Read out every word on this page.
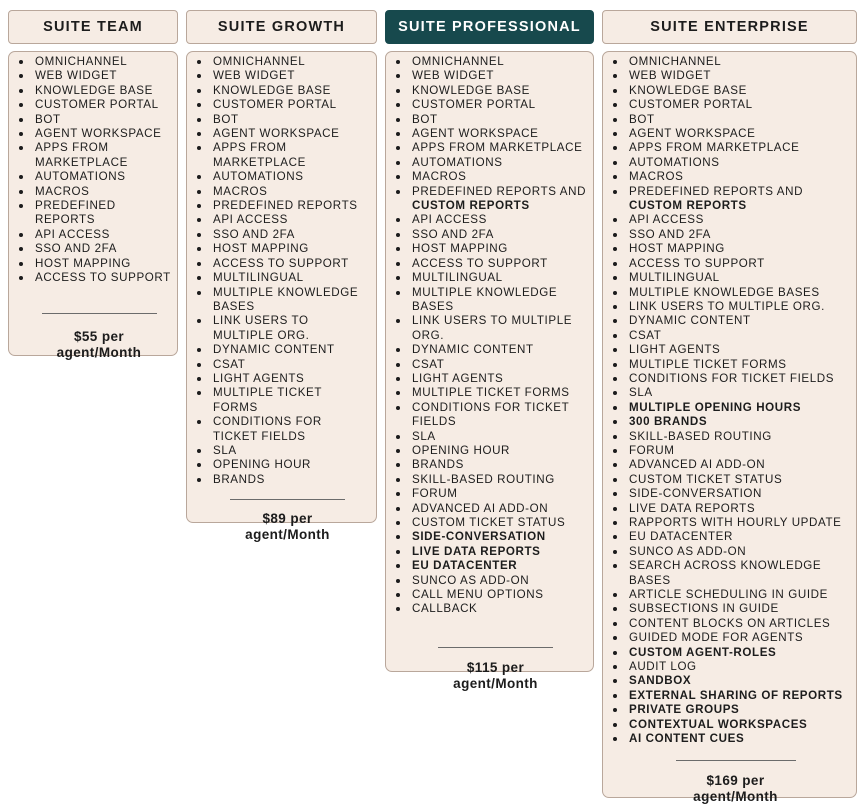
SUITE TEAM
OMNICHANNEL
WEB WIDGET
KNOWLEDGE BASE
CUSTOMER PORTAL
BOT
AGENT WORKSPACE
APPS FROM MARKETPLACE
AUTOMATIONS
MACROS
PREDEFINED REPORTS
API ACCESS
SSO AND 2FA
HOST MAPPING
ACCESS TO SUPPORT
$55 per
agent/Month
SUITE GROWTH
OMNICHANNEL
WEB WIDGET
KNOWLEDGE BASE
CUSTOMER PORTAL
BOT
AGENT WORKSPACE
APPS FROM MARKETPLACE
AUTOMATIONS
MACROS
PREDEFINED REPORTS
API ACCESS
SSO AND 2FA
HOST MAPPING
ACCESS TO SUPPORT
MULTILINGUAL
MULTIPLE KNOWLEDGE BASES
LINK USERS TO MULTIPLE ORG.
DYNAMIC CONTENT
CSAT
LIGHT AGENTS
MULTIPLE TICKET FORMS
CONDITIONS FOR TICKET FIELDS
SLA
OPENING HOUR
BRANDS
$89 per
agent/Month
SUITE PROFESSIONAL
OMNICHANNEL
WEB WIDGET
KNOWLEDGE BASE
CUSTOMER PORTAL
BOT
AGENT WORKSPACE
APPS FROM MARKETPLACE
AUTOMATIONS
MACROS
PREDEFINED REPORTS AND CUSTOM REPORTS
API ACCESS
SSO AND 2FA
HOST MAPPING
ACCESS TO SUPPORT
MULTILINGUAL
MULTIPLE KNOWLEDGE BASES
LINK USERS TO MULTIPLE ORG.
DYNAMIC CONTENT
CSAT
LIGHT AGENTS
MULTIPLE TICKET FORMS
CONDITIONS FOR TICKET FIELDS
SLA
OPENING HOUR
BRANDS
SKILL-BASED ROUTING
FORUM
ADVANCED AI ADD-ON
CUSTOM TICKET STATUS
SIDE-CONVERSATION
LIVE DATA REPORTS
EU DATACENTER
SUNCO AS ADD-ON
CALL MENU OPTIONS
CALLBACK
$115 per
agent/Month
SUITE ENTERPRISE
OMNICHANNEL
WEB WIDGET
KNOWLEDGE BASE
CUSTOMER PORTAL
BOT
AGENT WORKSPACE
APPS FROM MARKETPLACE
AUTOMATIONS
MACROS
PREDEFINED REPORTS AND CUSTOM REPORTS
API ACCESS
SSO AND 2FA
HOST MAPPING
ACCESS TO SUPPORT
MULTILINGUAL
MULTIPLE KNOWLEDGE BASES
LINK USERS TO MULTIPLE ORG.
DYNAMIC CONTENT
CSAT
LIGHT AGENTS
MULTIPLE TICKET FORMS
CONDITIONS FOR TICKET FIELDS
SLA
MULTIPLE OPENING HOURS
300 BRANDS
SKILL-BASED ROUTING
FORUM
ADVANCED AI ADD-ON
CUSTOM TICKET STATUS
SIDE-CONVERSATION
LIVE DATA REPORTS
RAPPORTS WITH HOURLY UPDATE
EU DATACENTER
SUNCO AS ADD-ON
SEARCH ACROSS KNOWLEDGE BASES
ARTICLE SCHEDULING IN GUIDE
SUBSECTIONS IN GUIDE
CONTENT BLOCKS ON ARTICLES
GUIDED MODE FOR AGENTS
CUSTOM AGENT-ROLES
AUDIT LOG
SANDBOX
EXTERNAL SHARING OF REPORTS
PRIVATE GROUPS
CONTEXTUAL WORKSPACES
AI CONTENT CUES
$169 per
agent/Month
